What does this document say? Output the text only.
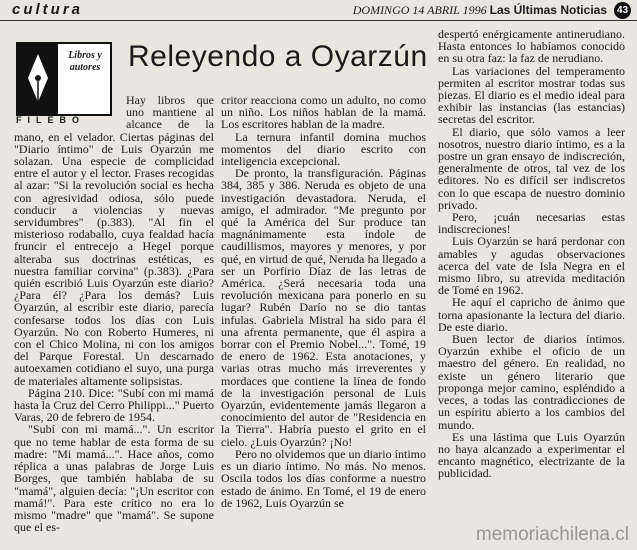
cultura	DOMINGO 14 ABRIL 1996 Las Últimas Noticias 43
Libros y autores
FILEBO
Releyendo a Oyarzún

Hay libros que uno mantiene al alcance de la mano, en el velador. Ciertas páginas del "Diario íntimo" de Luis Oyarzún me solazan. Una especie de complicidad entre el autor y el lector. Frases recogidas al azar: "Si la revolución social es hecha con agresividad odiosa, sólo puede conducir a violencias y nuevas servidumbres" (p.383). "Al fin el misterioso rodaballo, cuya fealdad hacía fruncir el entrecejo a Hegel porque alteraba sus doctrinas estéticas, es nuestra familiar corvina" (p.383). ¿Para quién escribió Luis Oyarzún este diario? ¿Para él? ¿Para los demás? Luis Oyarzún, al escribir este diario, parecía confesarse todos los días con Luis Oyarzún. No con Roberto Humeres, ni con el Chico Molina, ni con los amigos del Parque Forestal. Un descarnado autoexamen cotidiano el suyo, una purga de materiales altamente solipsistas.

Página 210. Dice: "Subí con mi mamá hasta la Cruz del Cerro Philippi..." Puerto Varas, 20 de febrero de 1954.

"Subí con mi mamá...". Un escritor que no teme hablar de esta forma de su madre: "Mi mamá...". Hace años, como réplica a unas palabras de Jorge Luis Borges, que también hablaba de su "mamá", alguien decía: "¡Un escritor con mamá!". Para este crítico no era lo mismo "madre" que "mamá". Se supone que el es-

critor reacciona como un adulto, no como un niño. Los niños hablan de la mamá. Los escritores hablan de la madre.

La ternura infantil domina muchos momentos del diario escrito con inteligencia excepcional.

De pronto, la transfiguración. Páginas 384, 385 y 386. Neruda es objeto de una investigación devastadora. Neruda, el amigo, el admirador. "Me pregunto por qué la América del Sur produce tan magnánimamente esta índole de caudillismos, mayores y menores, y por qué, en virtud de qué, Neruda ha llegado a ser un Porfirio Díaz de las letras de América. ¿Será necesaria toda una revolución mexicana para ponerlo en su lugar? Rubén Darío no se dio tantas infulas. Gabriela Mistral ha sido para él una afrenta permanente, que él aspira a borrar con el Premio Nobel...". Tomé, 19 de enero de 1962. Esta anotaciones, y varias otras mucho más irreverentes y mordaces que contiene la línea de fondo de la investigación personal de Luis Oyarzún, evidentemente jamás llegaron a conocimiento del autor de "Residencia en la Tierra". Habría puesto el grito en el cielo. ¿Luis Oyarzún? ¡No!

Pero no olvidemos que un diario íntimo es un diario íntimo. No más. No menos. Oscila todos los días conforme a nuestro estado de ánimo. En Tomé, el 19 de enero de 1962, Luis Oyarzún se

despertó enérgicamente antinerudiano. Hasta entonces lo habíamos conocido en su otra faz: la faz de nerudiano.

Las variaciones del temperamento permiten al escritor mostrar todas sus piezas. El diario es el medio ideal para exhibir las instancias (las estancias) secretas del escritor.

El diario, que sólo vamos a leer nosotros, nuestro diario íntimo, es a la postre un gran ensayo de indiscreción, generalmente de otros, tal vez de los editores. No es difícil ser indiscretos con lo que escapa de nuestro dominio privado.

Pero, ¡cuán necesarias estas indiscreciones!

Luis Oyarzún se hará perdonar con amables y agudas observaciones acerca del vate de Isla Negra en el mismo libro, su atrevida meditación de Tomé en 1962.

He aquí el capricho de ánimo que torna apasionante la lectura del diario. De este diario.

Buen lector de diarios íntimos. Oyarzún exhibe el oficio de un maestro del género. En realidad, no existe un género literario que proponga mejor camino, espléndido a veces, a todas las contradicciones de un espíritu abierto a los cambios del mundo.

Es una lástima que Luis Oyarzún no haya alcanzado a experimentar el encanto magnético, electrizante de la publicidad.

memoriachilena.cl
